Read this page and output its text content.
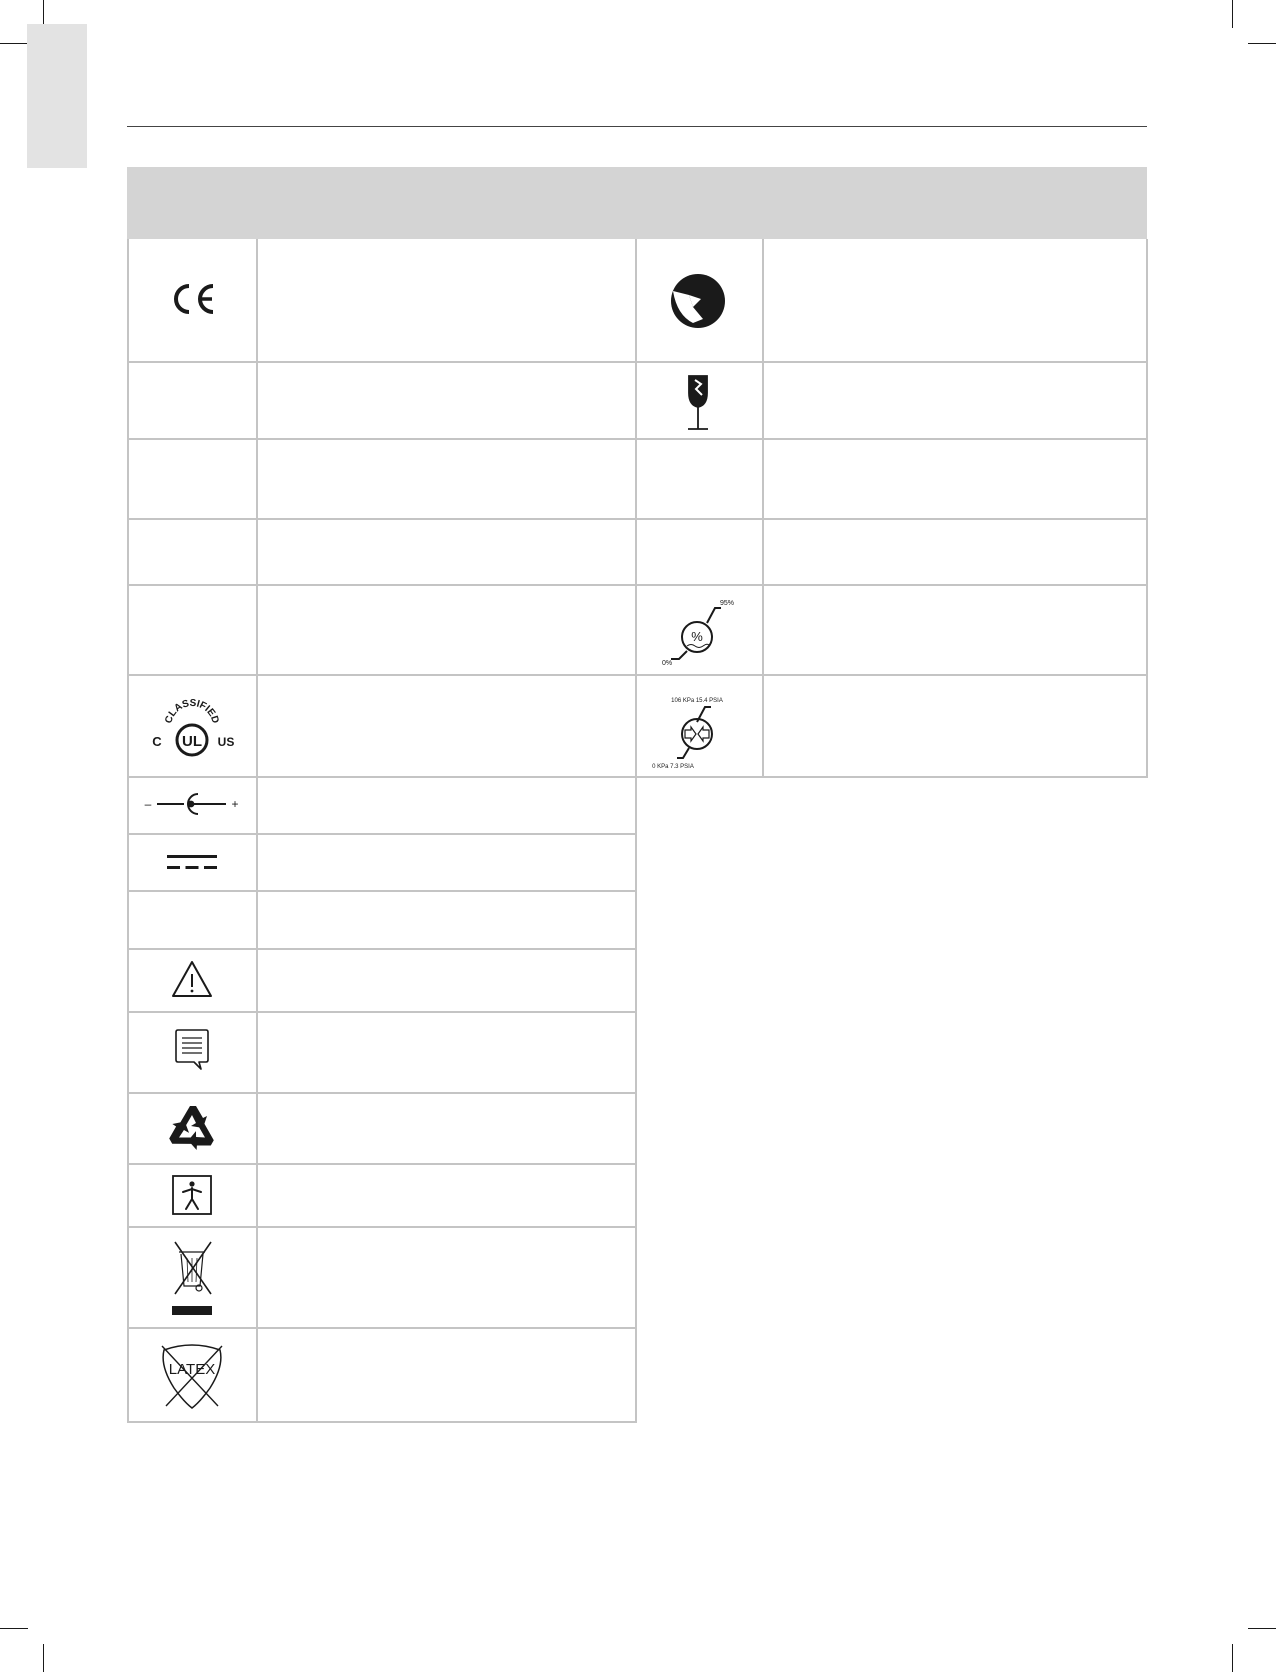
CLASSIFIED
UL
C	US
–	+
LATEX
95%
%
0%
106 KPa 15.4 PSIA
0 KPa 7.3 PSIA
